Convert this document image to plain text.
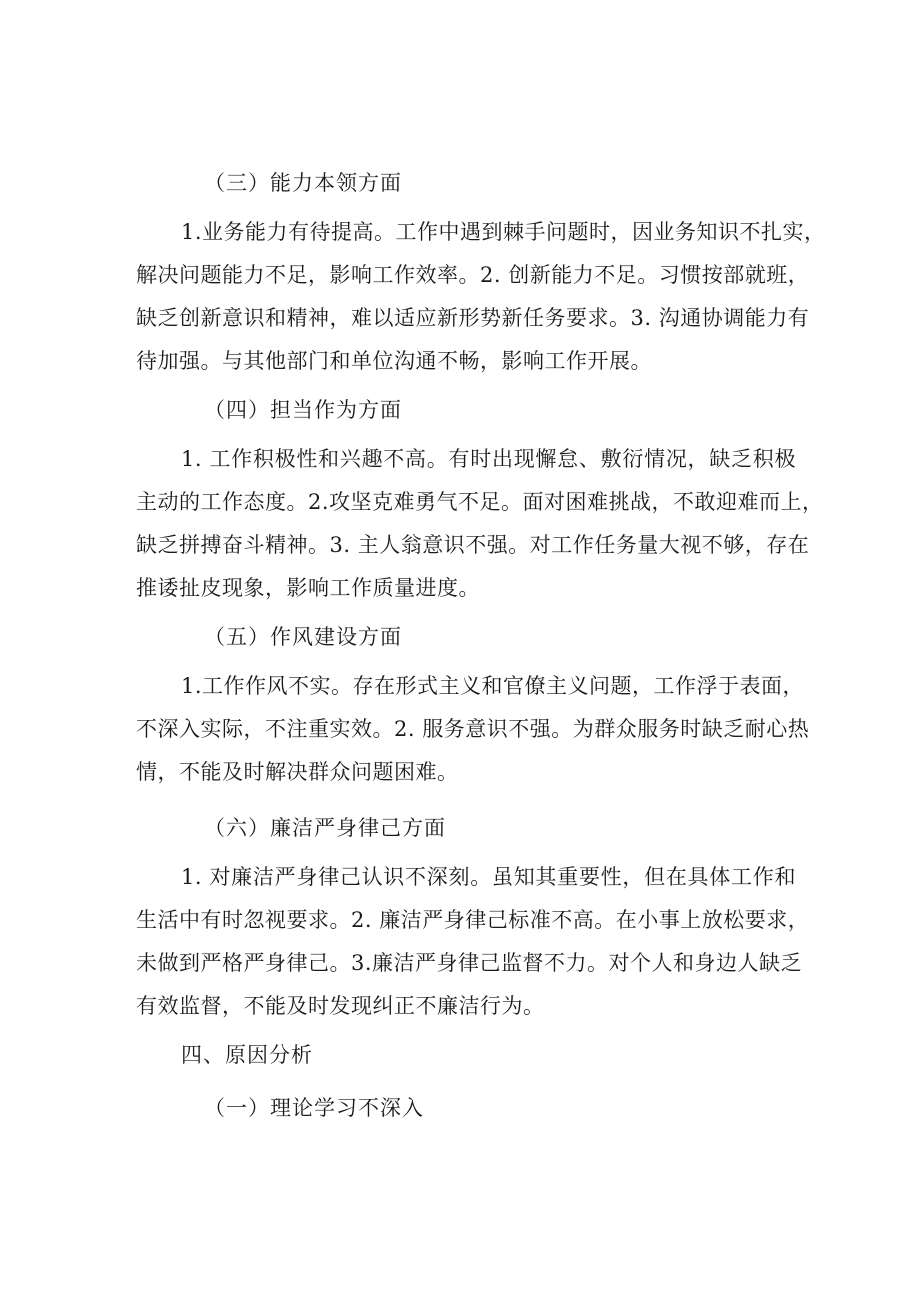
（三）能力本领方面
1.业务能力有待提高。工作中遇到棘手问题时，因业务知识不扎实，
解决问题能力不足，影响工作效率。2. 创新能力不足。习惯按部就班，
缺乏创新意识和精神，难以适应新形势新任务要求。3. 沟通协调能力有
待加强。与其他部门和单位沟通不畅，影响工作开展。
（四）担当作为方面
1. 工作积极性和兴趣不高。有时出现懈怠、敷衍情况，缺乏积极
主动的工作态度。2.攻坚克难勇气不足。面对困难挑战，不敢迎难而上，
缺乏拼搏奋斗精神。3. 主人翁意识不强。对工作任务量大视不够，存在
推诿扯皮现象，影响工作质量进度。
（五）作风建设方面
1.工作作风不实。存在形式主义和官僚主义问题，工作浮于表面，
不深入实际，不注重实效。2. 服务意识不强。为群众服务时缺乏耐心热
情，不能及时解决群众问题困难。
（六）廉洁严身律己方面
1. 对廉洁严身律己认识不深刻。虽知其重要性，但在具体工作和
生活中有时忽视要求。2. 廉洁严身律己标准不高。在小事上放松要求，
未做到严格严身律己。3.廉洁严身律己监督不力。对个人和身边人缺乏
有效监督，不能及时发现纠正不廉洁行为。
四、原因分析
（一）理论学习不深入
